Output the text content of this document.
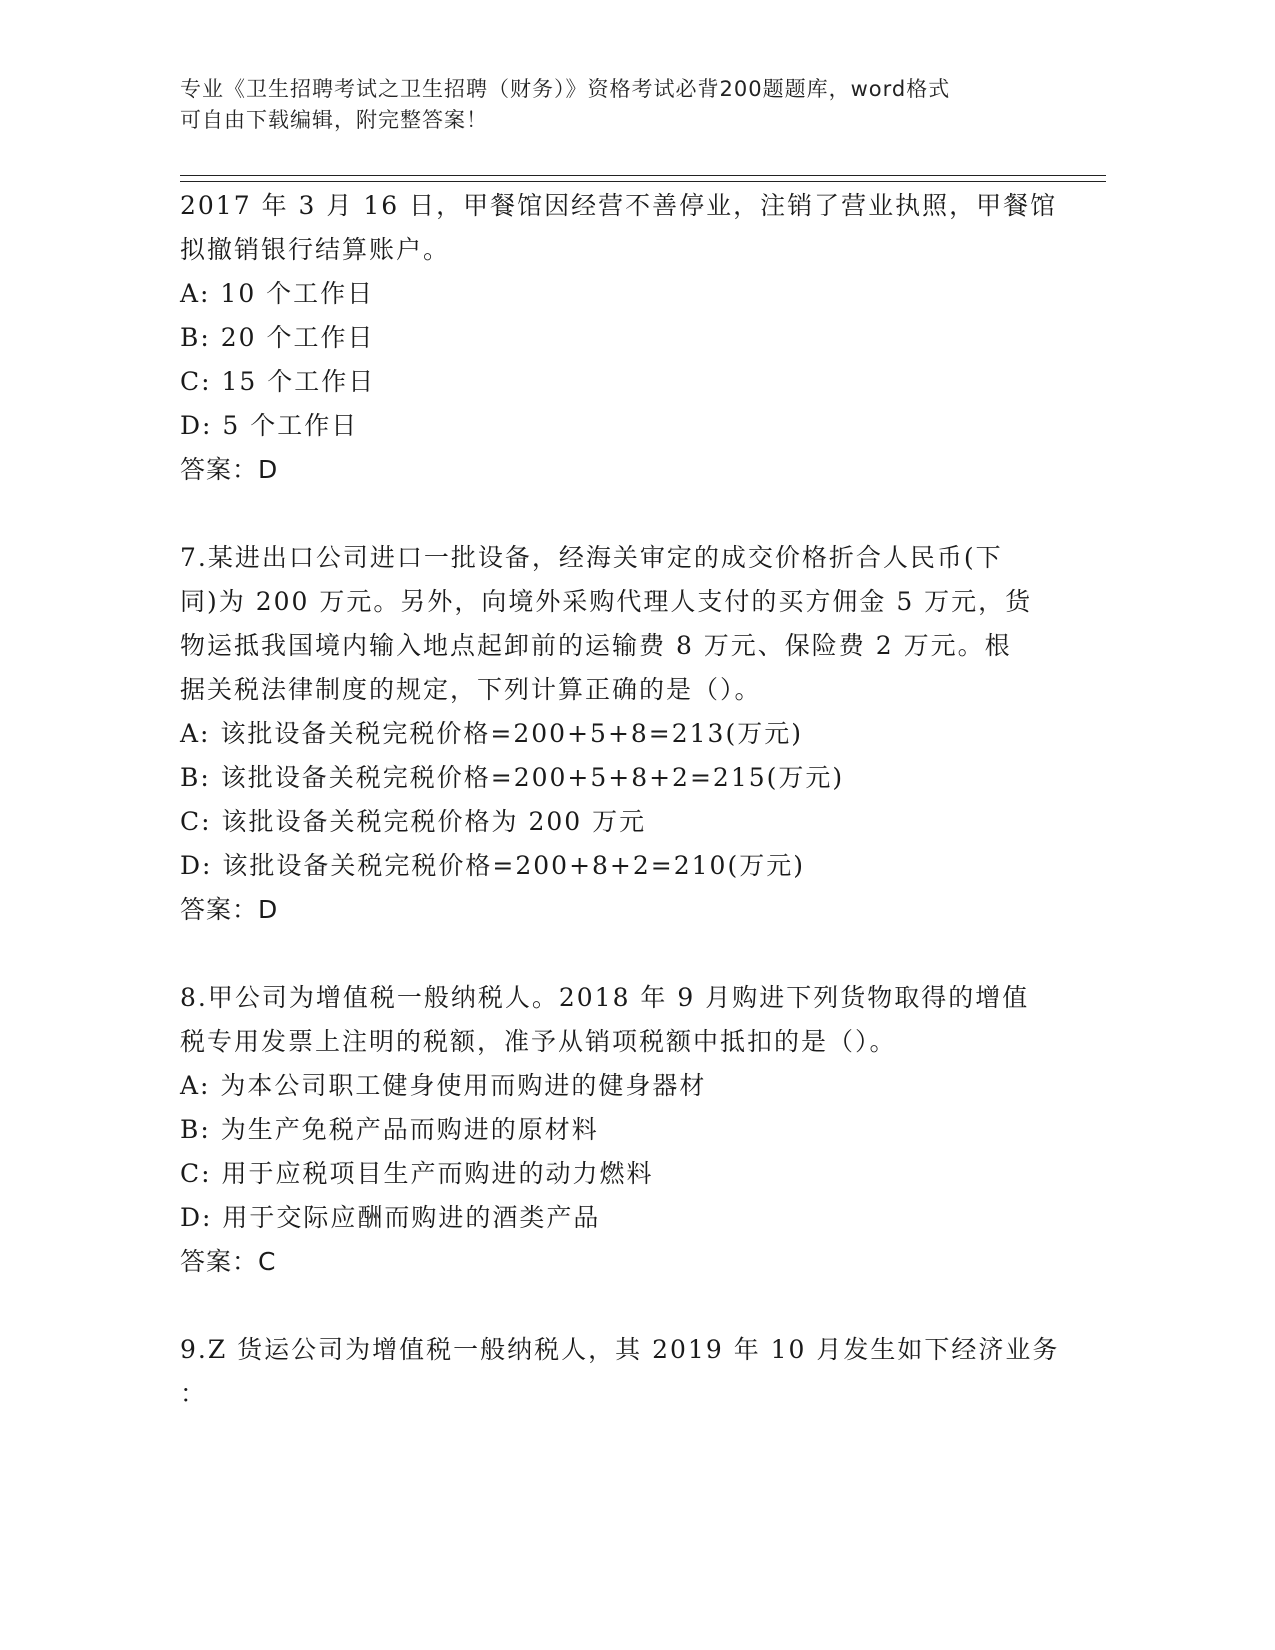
专业《卫生招聘考试之卫生招聘（财务）》资格考试必背200题题库，word格式
可自由下载编辑，附完整答案！
2017 年 3 月 16 日，甲餐馆因经营不善停业，注销了营业执照，甲餐馆
拟撤销银行结算账户。
A: 10 个工作日
B: 20 个工作日
C: 15 个工作日
D: 5 个工作日
答案：D
7.某进出口公司进口一批设备，经海关审定的成交价格折合人民币(下
同)为 200 万元。另外，向境外采购代理人支付的买方佣金 5 万元，货
物运抵我国境内输入地点起卸前的运输费 8 万元、保险费 2 万元。根
据关税法律制度的规定，下列计算正确的是（）。
A: 该批设备关税完税价格=200+5+8=213(万元)
B: 该批设备关税完税价格=200+5+8+2=215(万元)
C: 该批设备关税完税价格为 200 万元
D: 该批设备关税完税价格=200+8+2=210(万元)
答案：D
8.甲公司为增值税一般纳税人。2018 年 9 月购进下列货物取得的增值
税专用发票上注明的税额，准予从销项税额中抵扣的是（）。
A: 为本公司职工健身使用而购进的健身器材
B: 为生产免税产品而购进的原材料
C: 用于应税项目生产而购进的动力燃料
D: 用于交际应酬而购进的酒类产品
答案：C
9.Z 货运公司为增值税一般纳税人，其 2019 年 10 月发生如下经济业务
：
